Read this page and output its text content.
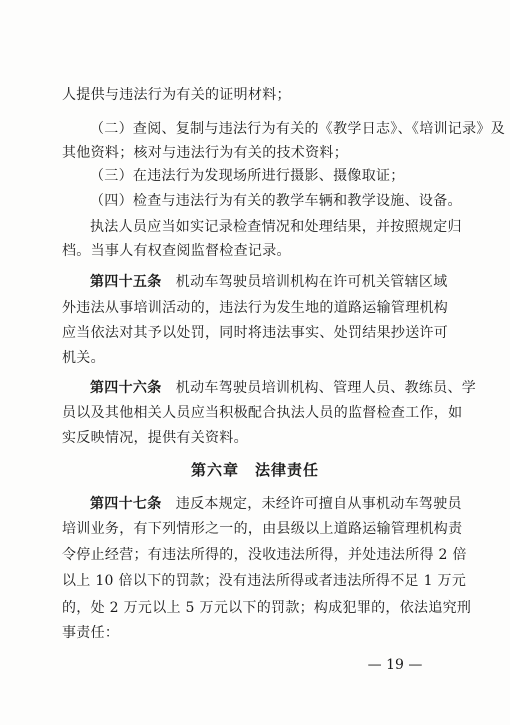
人提供与违法行为有关的证明材料；
（二）查阅、复制与违法行为有关的《教学日志》、《培训记录》及
其他资料；核对与违法行为有关的技术资料；
（三）在违法行为发现场所进行摄影、摄像取证；
（四）检查与违法行为有关的教学车辆和教学设施、设备。
执法人员应当如实记录检查情况和处理结果，并按照规定归
档。当事人有权查阅监督检查记录。
第四十五条　机动车驾驶员培训机构在许可机关管辖区域
外违法从事培训活动的，违法行为发生地的道路运输管理机构
应当依法对其予以处罚，同时将违法事实、处罚结果抄送许可
机关。
第四十六条　机动车驾驶员培训机构、管理人员、教练员、学
员以及其他相关人员应当积极配合执法人员的监督检查工作，如
实反映情况，提供有关资料。
第六章　法律责任
第四十七条　违反本规定，未经许可擅自从事机动车驾驶员
培训业务，有下列情形之一的，由县级以上道路运输管理机构责
令停止经营；有违法所得的，没收违法所得，并处违法所得 2 倍
以上 10 倍以下的罚款；没有违法所得或者违法所得不足 1 万元
的，处 2 万元以上 5 万元以下的罚款；构成犯罪的，依法追究刑
事责任：
— 19 —
